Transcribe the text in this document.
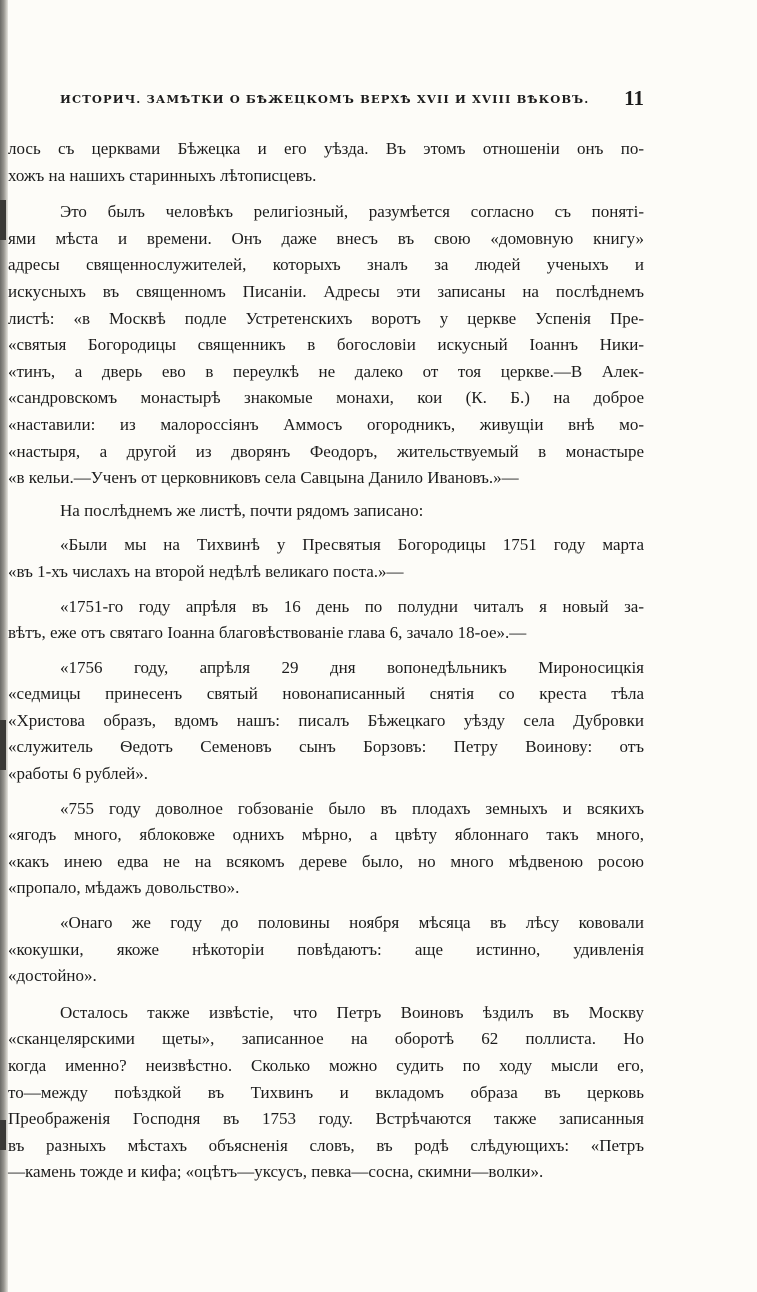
ИСТОРИЧ. ЗАМѢТКИ О БѢЖЕЦКОМЪ ВЕРХѢ XVII И XVIII ВѢКОВЪ. 11
лось съ церквами Бѣжецка и его уѣзда. Въ этомъ отношеніи онъ по-
хожъ на нашихъ старинныхъ лѣтописцевъ.
Это былъ человѣкъ религіозный, разумѣется согласно съ поняті-
ями мѣста и времени. Онъ даже внесъ въ свою «домовную книгу»
адресы священнослужителей, которыхъ зналъ за людей ученыхъ и
искусныхъ въ священномъ Писаніи. Адресы эти записаны на послѣднемъ
листѣ: «в Москвѣ подле Устретенскихъ воротъ у церкве Успенія Пре-
«святыя Богородицы священникъ в богословіи искусный Іоаннъ Ники-
«тинъ, а дверь ево в переулкѣ не далеко от тоя церкве.—В Алек-
«сандровскомъ монастырѣ знакомые монахи, кои (К. Б.) на доброе
«наставили: из малороссіянъ Аммосъ огородникъ, живущіи внѣ мо-
«настыря, а другой из дворянъ Феодоръ, жительствуемый в монастыре
«в кельи.—Ученъ от церковниковъ села Савцына Данило Ивановъ.»—
На послѣднемъ же листѣ, почти рядомъ записано:
«Были мы на Тихвинѣ у Пресвятыя Богородицы 1751 году марта
«въ 1-хъ числахъ на второй недѣлѣ великаго поста.»—
«1751-го году апрѣля въ 16 день по полудни читалъ я новый за-
вѣтъ, еже отъ святаго Іоанна благовѣствованіе глава 6, зачало 18-ое».—
«1756 году, апрѣля 29 дня вопонедѣльникъ Мироносицкія
«седмицы принесенъ святый новонаписанный снятія со креста тѣла
«Христова образъ, вдомъ нашъ: писалъ Бѣжецкаго уѣзду села Дубровки
«служитель Ѳедотъ Семеновъ сынъ Борзовъ: Петру Воинову: отъ
«работы 6 рублей».
«755 году доволное гобзованіе было въ плодахъ земныхъ и всякихъ
«ягодъ много, яблоковже однихъ мѣрно, а цвѣту яблоннаго такъ много,
«какъ инею едва не на всякомъ дереве было, но много мѣдвеною росою
«пропало, мѣдажъ довольство».
«Онаго же году до половины ноября мѣсяца въ лѣсу кововали
«кокушки, якоже нѣкоторіи повѣдаютъ: аще истинно, удивленія
«достойно».
Осталось также извѣстіе, что Петръ Воиновъ ѣздилъ въ Москву
«сканцелярскими щеты», записанное на оборотѣ 62 поллиста. Но
когда именно? неизвѣстно. Сколько можно судить по ходу мысли его,
то—между поѣздкой въ Тихвинъ и вкладомъ образа въ церковь
Преображенія Господня въ 1753 году. Встрѣчаются также записанныя
въ разныхъ мѣстахъ объясненія словъ, въ родѣ слѣдующихъ: «Петръ
—камень тожде и кифа; «оцѣтъ—уксусъ, певка—сосна, скимни—волки».
